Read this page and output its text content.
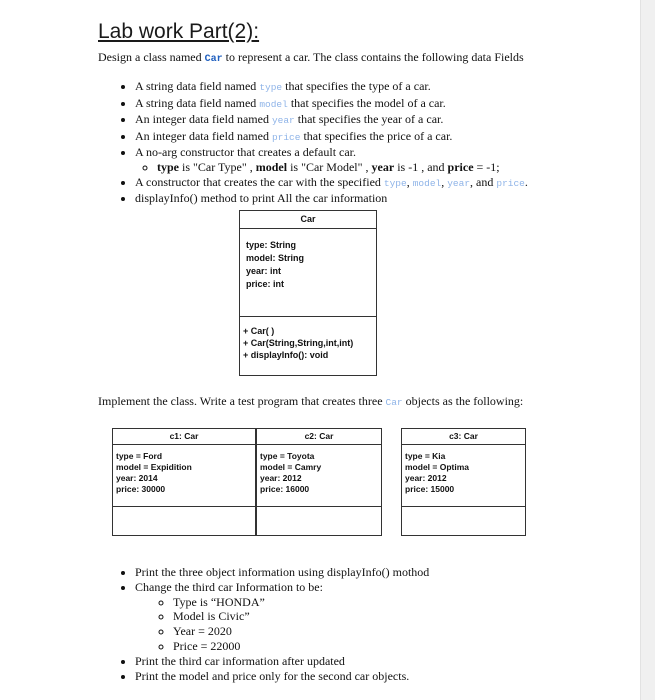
Lab work Part(2):
Design a class named Car to represent a car. The class contains the following data Fields
• A string data field named type that specifies the type of a car.
• A string data field named model that specifies the model of a car.
• An integer data field named year that specifies the year of a car.
• An integer data field named price that specifies the price of a car.
• A no-arg constructor that creates a default car.
◦ type is "Car Type" , model is "Car Model" , year is -1 , and price = -1;
• A constructor that creates the car with the specified type, model, year, and price.
• displayInfo() method to print All the car information
Car
type: String
model: String
year: int
price: int
+ Car( )
+ Car(String,String,int,int)
+ displayInfo(): void
Implement the class. Write a test program that creates three Car objects as the following:
c1: Car
type = Ford
model = Expidition
year: 2014
price: 30000
c2: Car
type = Toyota
model = Camry
year: 2012
price: 16000
c3: Car
type = Kia
model = Optima
year: 2012
price: 15000
• Print the three object information using displayInfo() mothod
• Change the third car Information to be:
◦ Type is “HONDA”
◦ Model is Civic”
◦ Year = 2020
◦ Price = 22000
• Print the third car information after updated
• Print the model and price only for the second car objects.
